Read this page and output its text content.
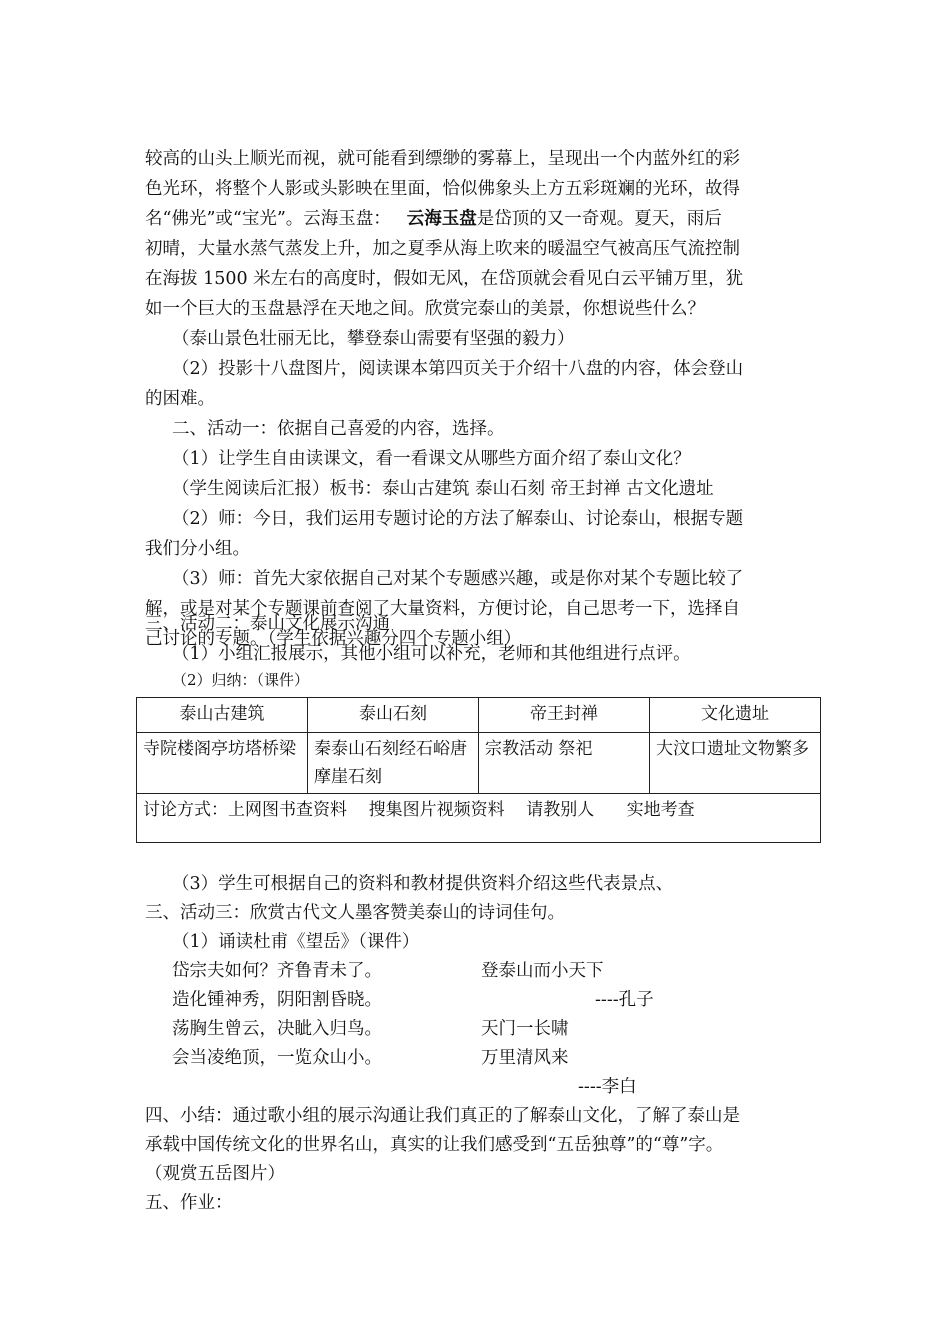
较高的山头上顺光而视，就可能看到缥缈的雾幕上，呈现出一个内蓝外红的彩
色光环，将整个人影或头影映在里面，恰似佛象头上方五彩斑斓的光环，故得
名“佛光”或“宝光”。云海玉盘： 云海玉盘是岱顶的又一奇观。夏天，雨后
初晴，大量水蒸气蒸发上升，加之夏季从海上吹来的暖温空气被高压气流控制
在海拔 1500 米左右的高度时，假如无风，在岱顶就会看见白云平铺万里，犹
如一个巨大的玉盘悬浮在天地之间。欣赏完泰山的美景，你想说些什么？
（泰山景色壮丽无比，攀登泰山需要有坚强的毅力）
（2）投影十八盘图片，阅读课本第四页关于介绍十八盘的内容，体会登山
的困难。
二、活动一：依据自己喜爱的内容，选择。
（1）让学生自由读课文，看一看课文从哪些方面介绍了泰山文化？
（学生阅读后汇报）板书：泰山古建筑 泰山石刻 帝王封禅 古文化遗址
（2）师：今日，我们运用专题讨论的方法了解泰山、讨论泰山，根据专题
我们分小组。
（3）师：首先大家依据自己对某个专题感兴趣，或是你对某个专题比较了
解，或是对某个专题课前查阅了大量资料，方便讨论，自己思考一下，选择自
己讨论的专题。（学生依据兴趣分四个专题小组）
三、活动二：泰山文化展示沟通
（1）小组汇报展示，其他小组可以补充，老师和其他组进行点评。
（2）归纳：（课件）
泰山古建筑	泰山石刻	帝王封禅	文化遗址
寺院楼阁亭坊塔桥梁	秦泰山石刻经石峪唐摩崖石刻	宗教活动 祭祀	大汶口遗址文物繁多
讨论方式：上网图书查资料    搜集图片视频资料    请教别人      实地考查			
（3）学生可根据自己的资料和教材提供资料介绍这些代表景点、
三、活动三：欣赏古代文人墨客赞美泰山的诗词佳句。
（1）诵读杜甫《望岳》（课件）
岱宗夫如何？齐鲁青未了。
造化锺神秀，阴阳割昏晓。
荡胸生曾云，决眦入归鸟。
会当凌绝顶，一览众山小。
登泰山而小天下
----孔子
天门一长啸
万里清风来
----李白
四、小结：通过歌小组的展示沟通让我们真正的了解泰山文化，了解了泰山是
承载中国传统文化的世界名山，真实的让我们感受到“五岳独尊”的“尊”字。
（观赏五岳图片）
五、作业：
